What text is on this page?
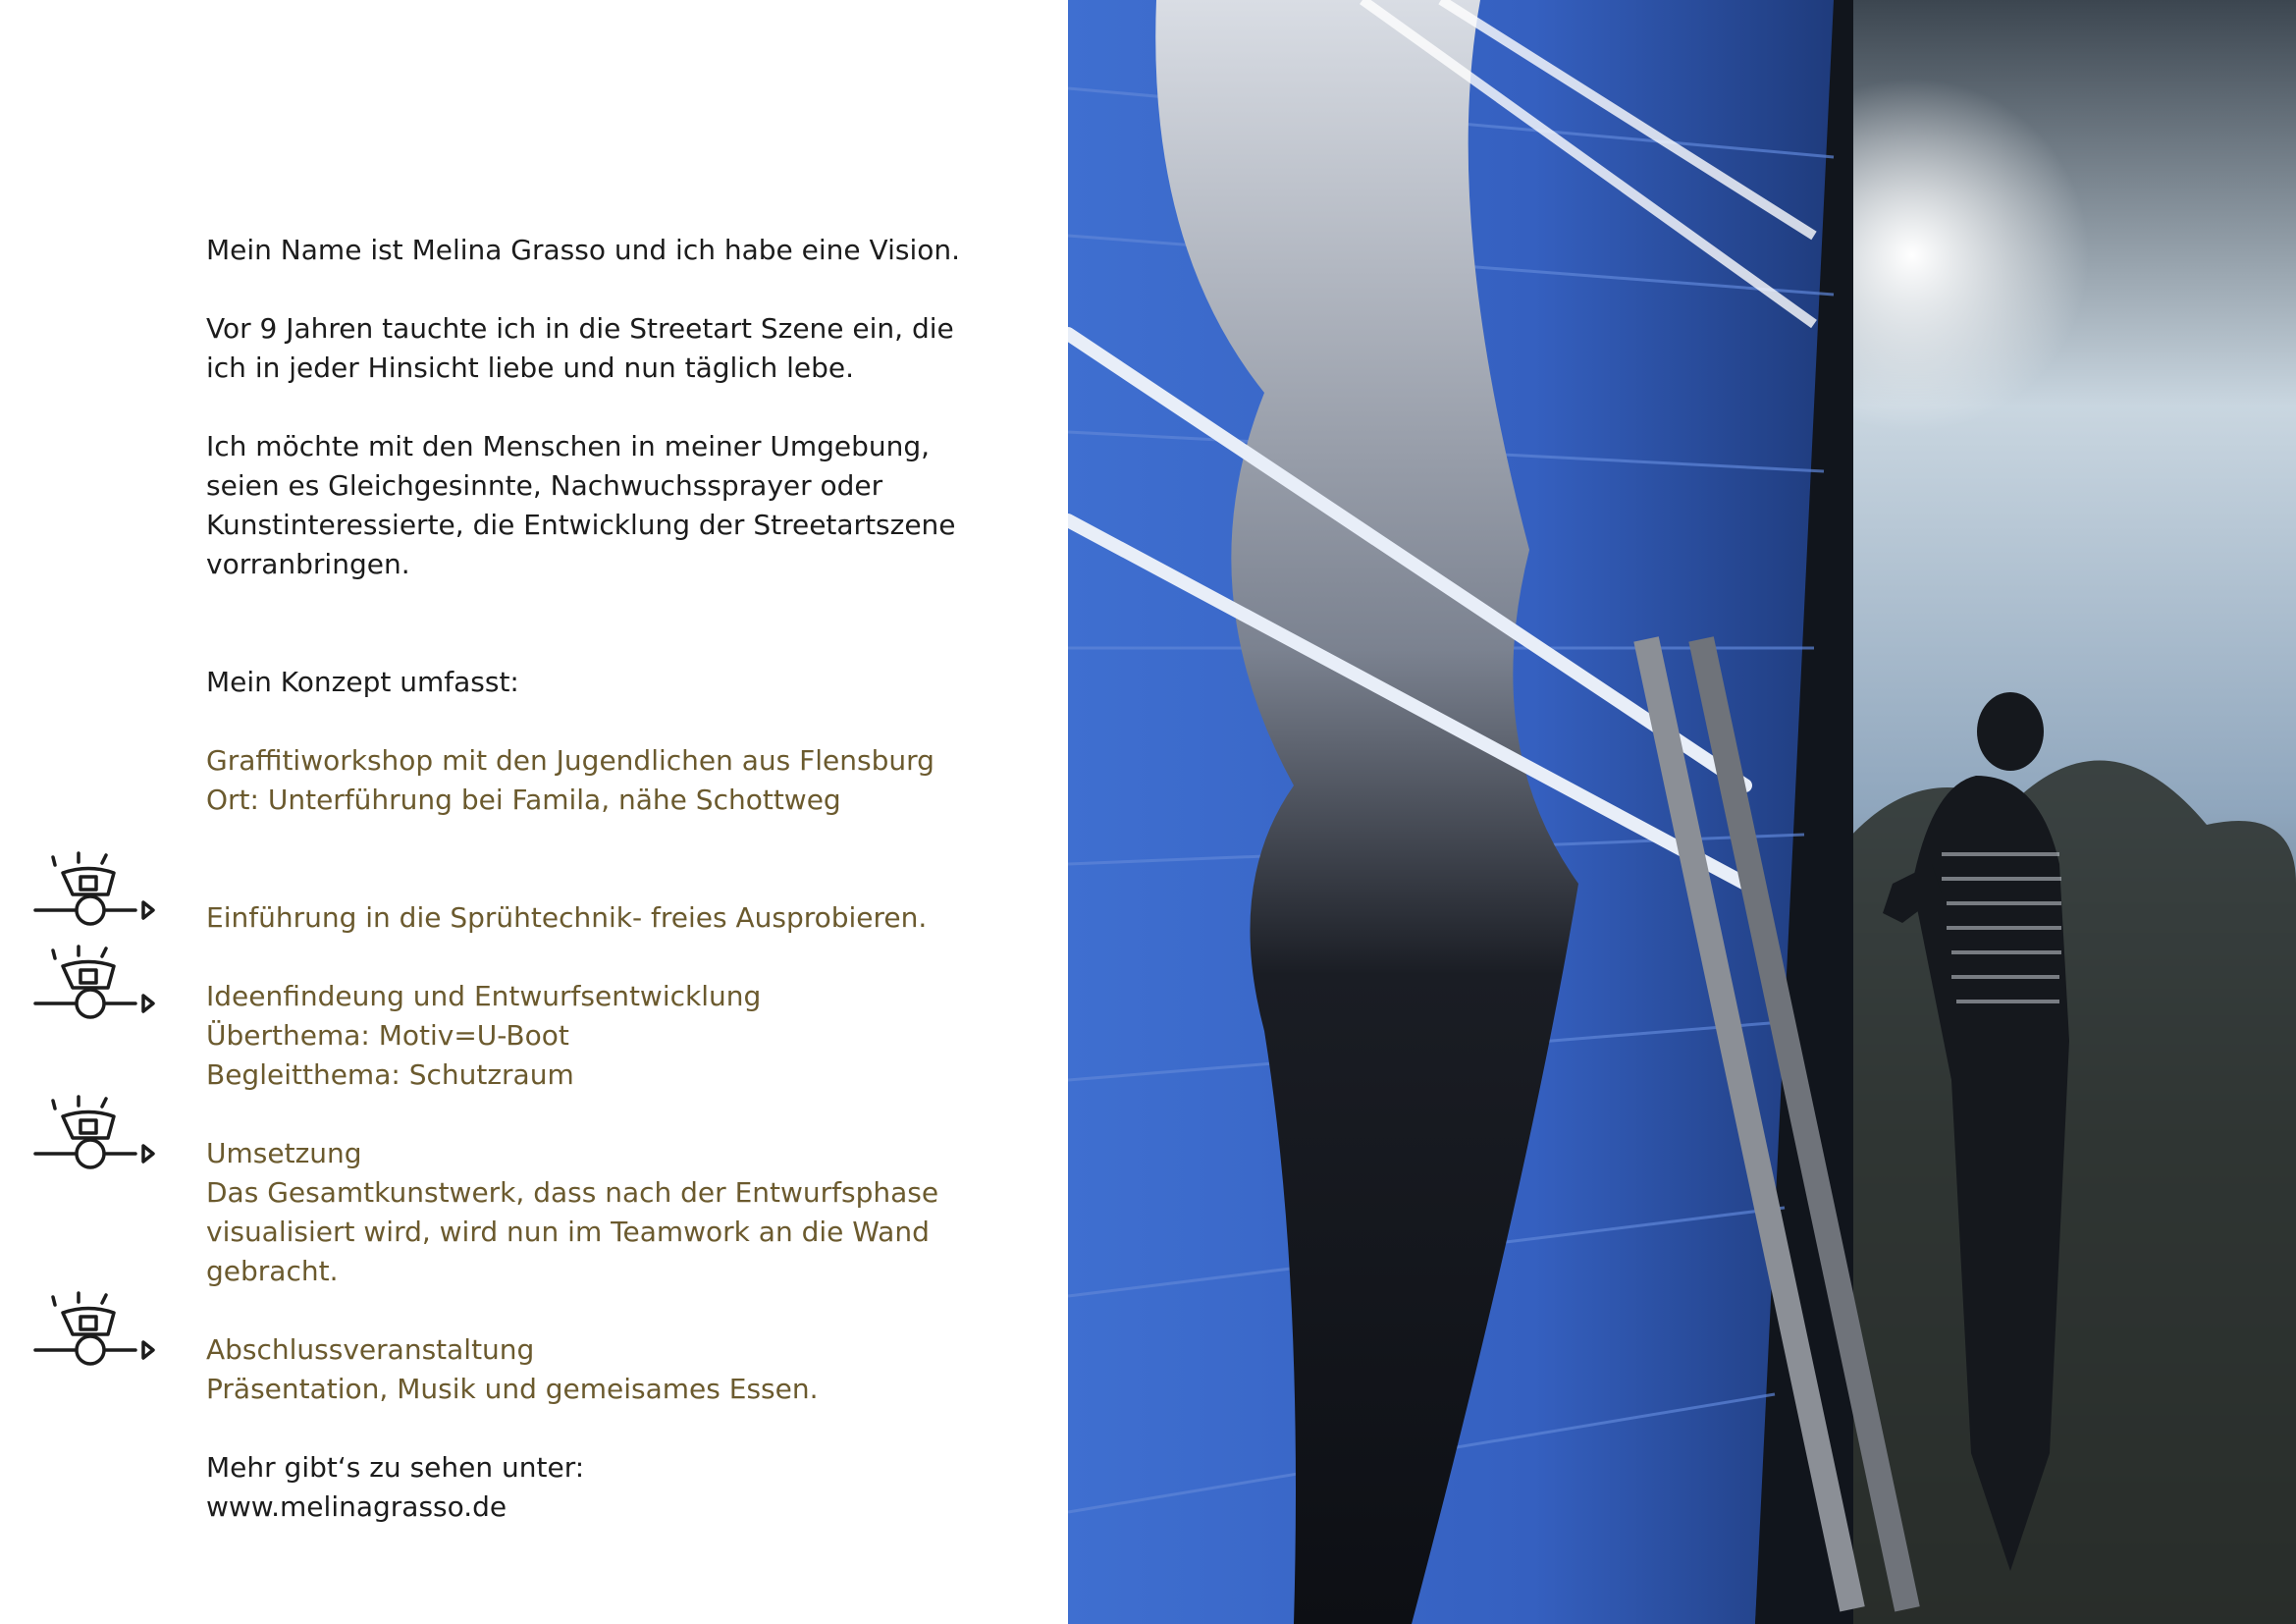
Mein Name ist Melina Grasso und ich habe eine Vision.

Vor 9 Jahren tauchte ich in die Streetart Szene ein, die
ich in jeder Hinsicht liebe und nun täglich lebe.

Ich möchte mit den Menschen in meiner Umgebung,
seien es Gleichgesinnte, Nachwuchssprayer oder
Kunstinteressierte, die Entwicklung der Streetartszene
vorranbringen.

Mein Konzept umfasst:

Graffitiworkshop mit den Jugendlichen aus Flensburg
Ort: Unterführung bei Famila, nähe Schottweg

Einführung in die Sprühtechnik- freies Ausprobieren.

Ideenfindeung und Entwurfsentwicklung
Überthema: Motiv=U-Boot
Begleitthema: Schutzraum

Umsetzung
Das Gesamtkunstwerk, dass nach der Entwurfsphase
visualisiert wird, wird nun im Teamwork an die Wand
gebracht.

Abschlussveranstaltung
Präsentation, Musik und gemeisames Essen.

Mehr gibt‘s zu sehen unter:

www.melinagrasso.de
